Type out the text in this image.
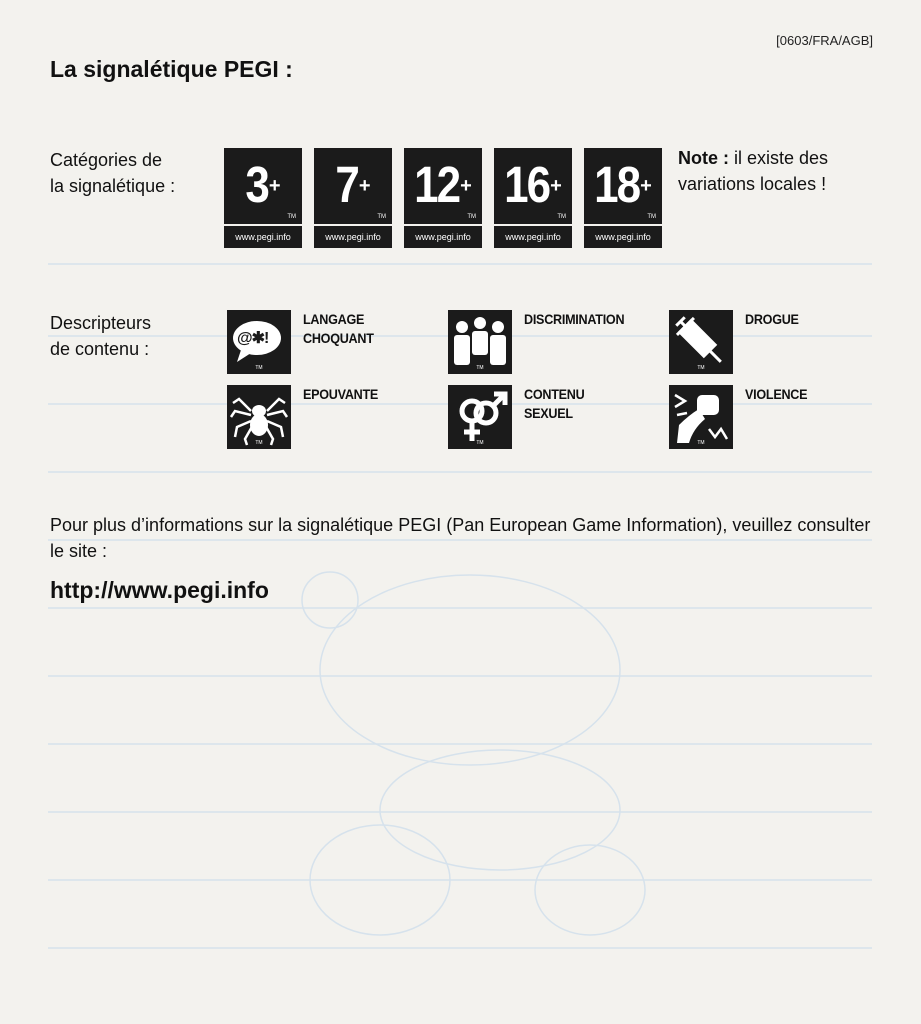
[0603/FRA/AGB]
La signalétique PEGI :
Catégories de
la signalétique : 3 +
TM
www.pegi.info
7 +
TM
www.pegi.info
12 +
TM
www.pegi.info
16 +
TM
www.pegi.info
18 +
TM
www.pegi.info
Note : il existe des variations locales !
Descripteurs
de contenu :
@✱!
TM
LANGAGE
CHOQUANT
TM
DISCRIMINATION
TM
DROGUE
TM
EPOUVANTE
TM
CONTENU
SEXUEL
TM
VIOLENCE
Pour plus d’informations sur la signalétique PEGI (Pan European Game Information), veuillez consulter le site :
http://www.pegi.info
